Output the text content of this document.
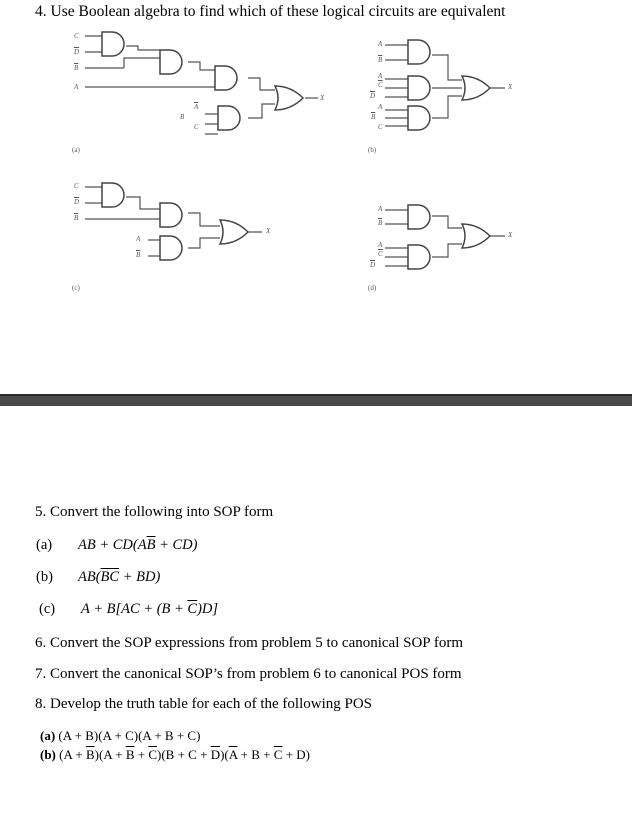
4. Use Boolean algebra to find which of these logical circuits are equivalent
C
$\overline{D}$
$\overline{B}$
A
$\overline{A}$
B
C
X
(a)
A
$\overline{B}$
A
$\overline{C}$
$\overline{D}$
A
$\overline{B}$
C
X
(b)
C
$\overline{D}$
$\overline{B}$
A
$\overline{B}$
X
(c)
A
$\overline{B}$
A
$\overline{C}$
$\overline{D}$
X
(d)
5. Convert the following into SOP form
(a) AB + $CD(A\overline{B} + CD)$
(b) $AB(\overline{BC} + BD)$
(c) $A + B[AC + (B + \overline{C})D]$
6. Convert the SOP expressions from problem 5 to canonical SOP form
7. Convert the canonical SOP’s from problem 6 to canonical POS form
8. Develop the truth table for each of the following POS
(a) (A + B)(A + C)(A + B + C)
(b) $(A + \overline{B})(A + \overline{B} + \overline{C})(B + C + \overline{D})(\overline{A} + B + \overline{C} + D)$
